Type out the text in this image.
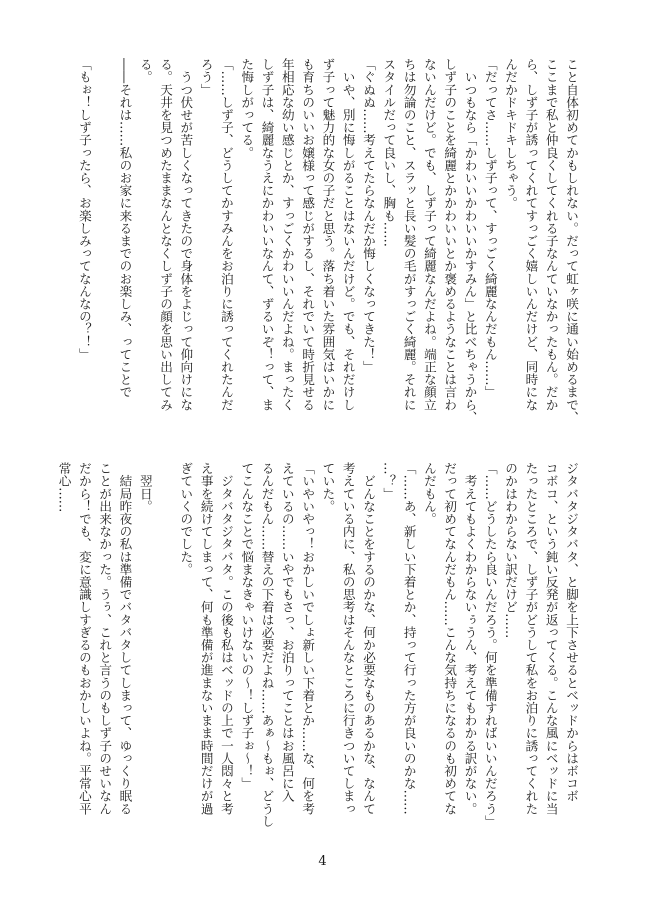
こと自体初めてかもしれない。だって虹ヶ咲に通い始めるまで、
ここまで私と仲良くしてくれる子なんていなかったもん。だか
ら、しず子が誘ってくれてすっごく嬉しいんだけど、同時にな
んだかドキドキしちゃう。
「だってさ……しず子って、すっごく綺麗なんだもん……」
　いつもなら「かわいいかわいいかすみん」と比べちゃうから、
しず子のことを綺麗とかかわいいとか褒めるようなことは言わ
ないんだけど。でも、しず子って綺麗なんだよね。端正な顔立
ちは勿論のこと、スラッと長い髪の毛がすっごく綺麗。それに
スタイルだって良いし、胸も……
「ぐぬぬ……考えてたらなんだか悔しくなってきた！」
　いや、別に悔しがることはないんだけど。でも、それだけし
ず子って魅力的な女の子だと思う。落ち着いた雰囲気はいかに
も育ちのいいお嬢様って感じがするし、それでいて時折見せる
年相応な幼い感じとか、すっごくかわいいんだよね。まったく
しず子は、綺麗なうえにかわいいなんて、ずるいぞ！って、ま
た悔しがってる。
「……しず子、どうしてかすみんをお泊りに誘ってくれたんだ
ろう」
　うつ伏せが苦しくなってきたので身体をよじって仰向けにな
る。天井を見つめたままなんとなくしず子の顔を思い出してみ
る。
――それは……私のお家に来るまでのお楽しみ、ってことで

「もぉ！しず子ったら、お楽しみってなんなの？！」
ジタバタジタバタ、と脚を上下させるとベッドからはボコボ
コボコ、という鈍い反発が返ってくる。こんな風にベッドに当
たったところで、しず子がどうして私をお泊りに誘ってくれた
のかはわからない訳だけど……
「……どうしたら良いんだろう。何を準備すればいいんだろう」
　考えてもよくわからないぅうん、考えてもわかる訳がない。
だって初めてなんだもん……こんな気持ちになるのも初めてな
んだもん。
「……あ、新しい下着とか、持って行った方が良いのかな……
…？」
　どんなことをするのかな、何か必要なものあるかな、なんて
考えている内に、私の思考はそんなところに行きついてしまっ
ていた。
「いやいやっ！おかしいでしょ新しい下着とか……な、何を考
えているの……いやでもさっ、お泊りってことはお風呂に入
るんだもん……替えの下着は必要だよね……あぁ～もぉ、どうし
てこんなことで悩まなきゃいけないの～！しず子ぉ～！」
　ジタバタジタバタ。この後も私はベッドの上で一人悶々と考
え事を続けてしまって、何も準備が進まないまま時間だけが過
ぎていくのでした。

　翌日。
　結局昨夜の私は準備でバタバタしてしまって、ゆっくり眠る
ことが出来なかった。うぅ、これと言うのもしず子のせいなん
だから！でも、変に意識しすぎるのもおかしいよね。平常心平
常心……
4
